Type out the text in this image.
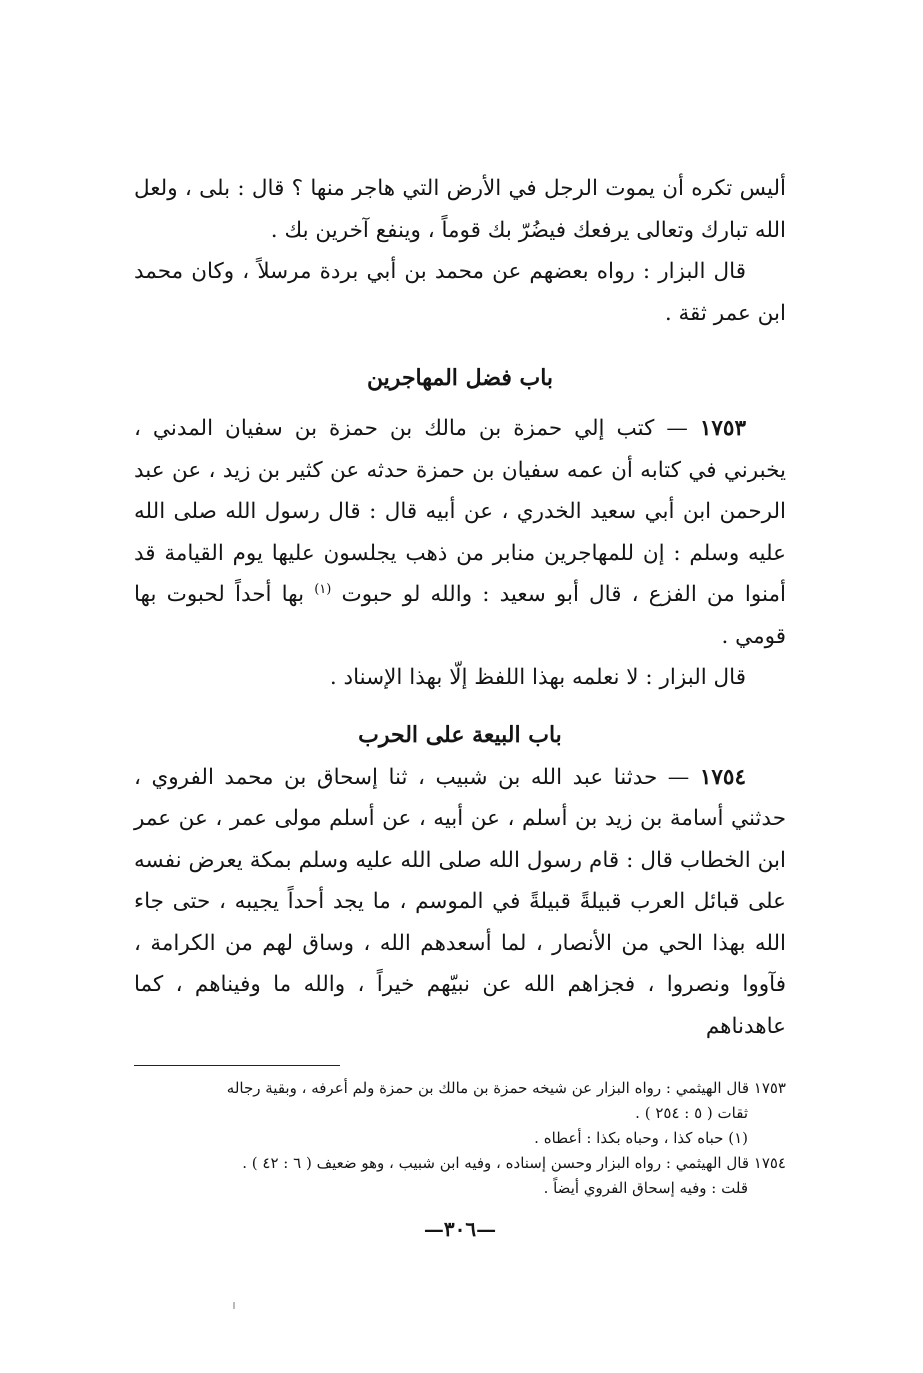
أليس تكره أن يموت الرجل في الأرض التي هاجر منها ؟ قال : بلى ، ولعل الله تبارك وتعالى يرفعك فيضُرّ بك قوماً ، وينفع آخرين بك .

قال البزار : رواه بعضهم عن محمد بن أبي بردة مرسلاً ، وكان محمد ابن عمر ثقة .

باب فضل المهاجرين

١٧٥٣ — كتب إلي حمزة بن مالك بن حمزة بن سفيان المدني ، يخبرني في كتابه أن عمه سفيان بن حمزة حدثه عن كثير بن زيد ، عن عبد الرحمن ابن أبي سعيد الخدري ، عن أبيه قال : قال رسول الله صلى الله عليه وسلم : إن للمهاجرين منابر من ذهب يجلسون عليها يوم القيامة قد أمنوا من الفزع ، قال أبو سعيد : والله لو حبوت $^{(١)}$ بها أحداً لحبوت بها قومي .

قال البزار : لا نعلمه بهذا اللفظ إلّا بهذا الإسناد .

باب البيعة على الحرب

١٧٥٤ — حدثنا عبد الله بن شبيب ، ثنا إسحاق بن محمد الفروي ، حدثني أسامة بن زيد بن أسلم ، عن أبيه ، عن أسلم مولى عمر ، عن عمر ابن الخطاب قال : قام رسول الله صلى الله عليه وسلم بمكة يعرض نفسه على قبائل العرب قبيلةً قبيلةً في الموسم ، ما يجد أحداً يجيبه ، حتى جاء الله بهذا الحي من الأنصار ، لما أسعدهم الله ، وساق لهم من الكرامة ، فآووا ونصروا ، فجزاهم الله عن نبيّهم خيراً ، والله ما وفيناهم ، كما عاهدناهم

١٧٥٣ قال الهيثمي : رواه البزار عن شيخه حمزة بن مالك بن حمزة ولم أعرفه ، وبقية رجاله

ثقات ( ٥ : ٢٥٤ ) .

(١) حباه كذا ، وحباه بكذا : أعطاه .

١٧٥٤ قال الهيثمي : رواه البزار وحسن إسناده ، وفيه ابن شبيب ، وهو ضعيف ( ٦ : ٤٢ ) .

قلت : وفيه إسحاق الفروي أيضاً .

—٣٠٦—
